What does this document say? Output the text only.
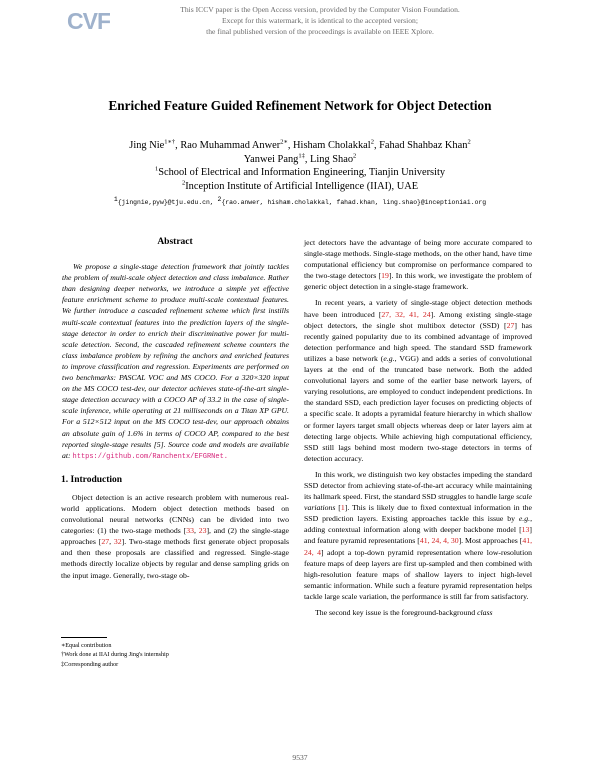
CVF	This ICCV paper is the Open Access version, provided by the Computer Vision Foundation.
Except for this watermark, it is identical to the accepted version;
the final published version of the proceedings is available on IEEE Xplore.
Enriched Feature Guided Refinement Network for Object Detection
Jing Nie$^{1∗\dagger}$, Rao Muhammad Anwer$^{2∗}$, Hisham Cholakkal$^2$, Fahad Shahbaz Khan$^2$
Yanwei Pang$^{1\ddagger}$, Ling Shao$^2$
$^1$School of Electrical and Information Engineering, Tianjin University
$^2$Inception Institute of Artificial Intelligence (IIAI), UAE
$^1${jingnie,pyw}@tju.edu.cn, $^2${rao.anwer, hisham.cholakkal, fahad.khan, ling.shao}@inceptioniai.org
Abstract

We propose a single-stage detection framework that jointly tackles the problem of multi-scale object detection and class imbalance. Rather than designing deeper networks, we introduce a simple yet effective feature enrichment scheme to produce multi-scale contextual features. We further introduce a cascaded refinement scheme which first instills multi-scale contextual features into the prediction layers of the single-stage detector in order to enrich their discriminative power for multi-scale detection. Second, the cascaded refinement scheme counters the class imbalance problem by refining the anchors and enriched features to improve classification and regression. Experiments are performed on two benchmarks: PASCAL VOC and MS COCO. For a 320×320 input on the MS COCO test-dev, our detector achieves state-of-the-art single-stage detection accuracy with a COCO AP of 33.2 in the case of single-scale inference, while operating at 21 milliseconds on a Titan XP GPU. For a 512×512 input on the MS COCO test-dev, our approach obtains an absolute gain of 1.6% in terms of COCO AP, compared to the best reported single-stage results [5]. Source code and models are available at: https://github.com/Ranchentx/EFGRNet.

1. Introduction

Object detection is an active research problem with numerous real-world applications. Modern object detection methods based on convolutional neural networks (CNNs) can be divided into two categories: (1) the two-stage methods [33, 23], and (2) the single-stage approaches [27, 32]. Two-stage methods first generate object proposals and then these proposals are classified and regressed. Single-stage methods directly localize objects by regular and dense sampling grids on the input image. Generally, two-stage ob-

∗Equal contribution
†Work done at IIAI during Jing's internship
‡Corresponding author

ject detectors have the advantage of being more accurate compared to single-stage methods. Single-stage methods, on the other hand, have time computational efficiency but compromise on performance compared to the two-stage detectors [19]. In this work, we investigate the problem of generic object detection in a single-stage framework.

In recent years, a variety of single-stage object detection methods have been introduced [27, 32, 41, 24]. Among existing single-stage object detectors, the single shot multibox detector (SSD) [27] has recently gained popularity due to its combined advantage of improved detection performance and high speed. The standard SSD framework utilizes a base network (e.g., VGG) and adds a series of convolutional layers at the end of the truncated base network. Both the added convolutional layers and some of the earlier base network layers, of varying resolutions, are employed to conduct independent predictions. In the standard SSD, each prediction layer focuses on predicting objects of a specific scale. It adopts a pyramidal feature hierarchy in which shallow or former layers target small objects whereas deep or later layers aim at detecting large objects. While achieving high computational efficiency, SSD still lags behind most modern two-stage detectors in terms of detection accuracy.

In this work, we distinguish two key obstacles impeding the standard SSD detector from achieving state-of-the-art accuracy while maintaining its hallmark speed. First, the standard SSD struggles to handle large scale variations [1]. This is likely due to fixed contextual information in the SSD prediction layers. Existing approaches tackle this issue by e.g., adding contextual information along with deeper backbone model [13] and feature pyramid representations [41, 24, 4, 30]. Most approaches [41, 24, 4] adopt a top-down pyramid representation where low-resolution feature maps of deep layers are first up-sampled and then combined with high-resolution feature maps of shallow layers to inject high-level semantic information. While such a feature pyramid representation helps tackle large scale variation, the performance is still far from satisfactory.

The second key issue is the foreground-background class

9537
